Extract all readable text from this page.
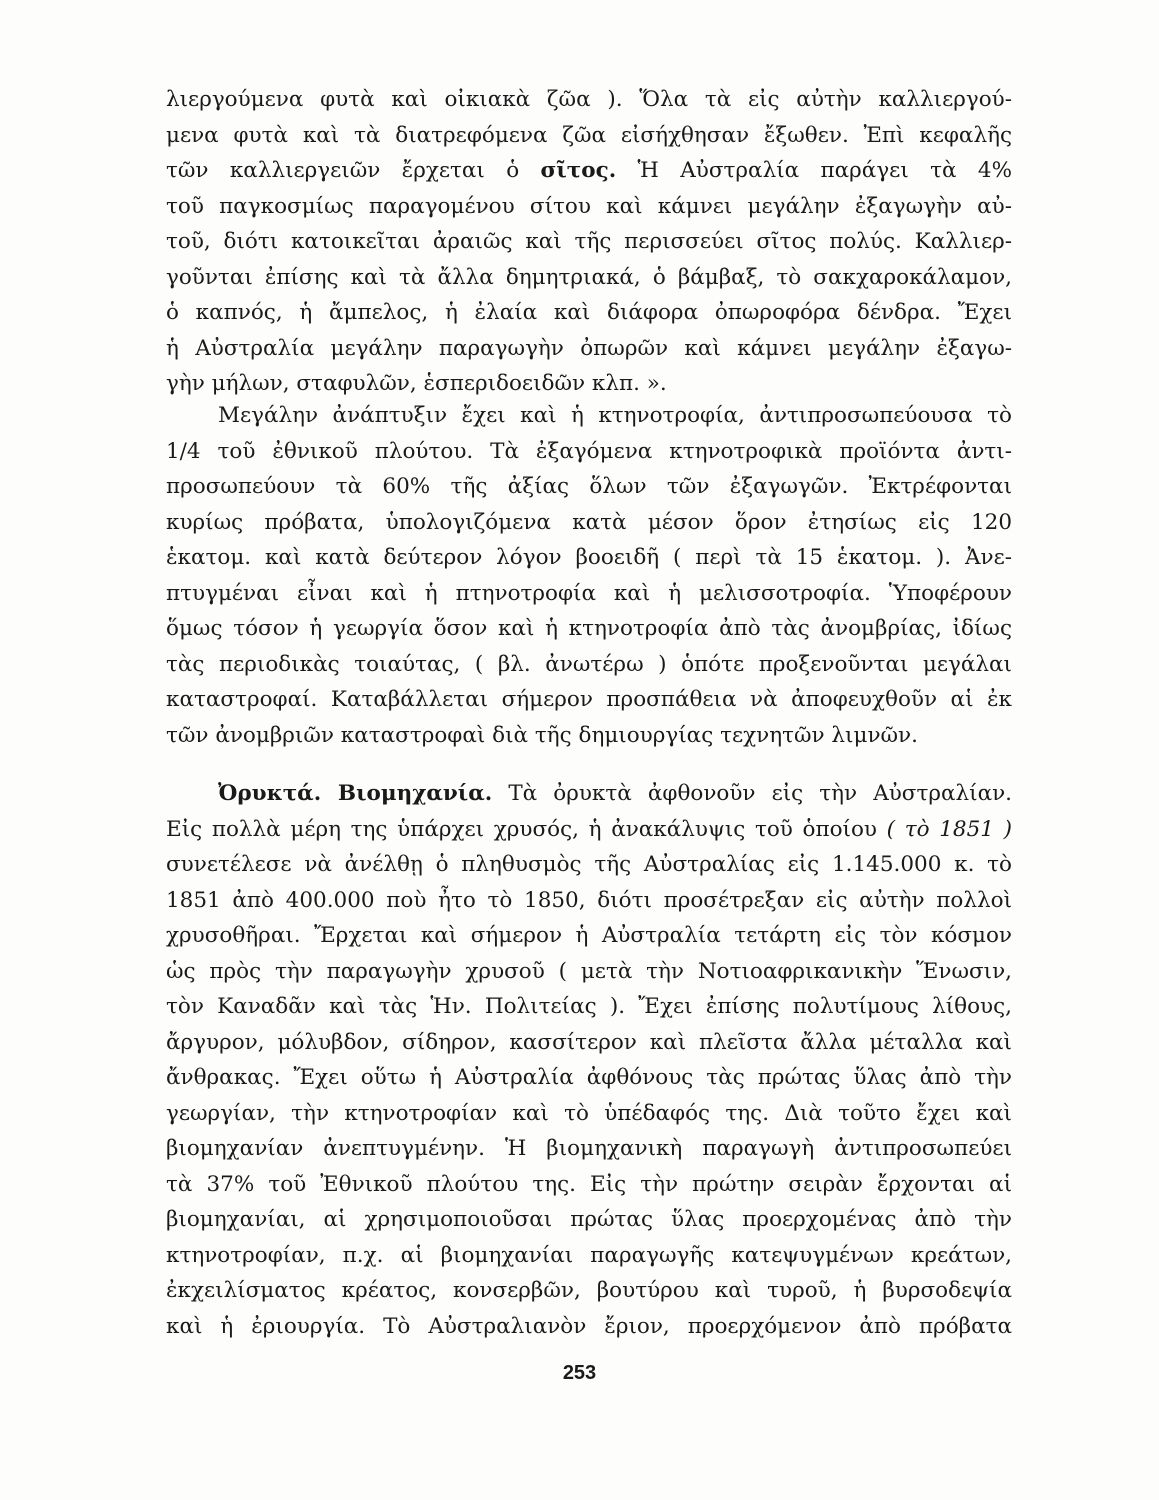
λιεργούμενα φυτὰ καὶ οἰκιακὰ ζῶα ). Ὅλα τὰ εἰς αὐτὴν καλλιεργού-
μενα φυτὰ καὶ τὰ διατρεφόμενα ζῶα εἰσήχθησαν ἔξωθεν. Ἐπὶ κεφαλῆς
τῶν καλλιεργειῶν ἔρχεται ὁ σῖτος. Ἡ Αὐστραλία παράγει τὰ 4%
τοῦ παγκοσμίως παραγομένου σίτου καὶ κάμνει μεγάλην ἐξαγωγὴν αὐ-
τοῦ, διότι κατοικεῖται ἀραιῶς καὶ τῆς περισσεύει σῖτος πολύς. Καλλιερ-
γοῦνται ἐπίσης καὶ τὰ ἄλλα δημητριακά, ὁ βάμβαξ, τὸ σακχαροκάλαμον,
ὁ καπνός, ἡ ἄμπελος, ἡ ἐλαία καὶ διάφορα ὀπωροφόρα δένδρα. Ἔχει
ἡ Αὐστραλία μεγάλην παραγωγὴν ὀπωρῶν καὶ κάμνει μεγάλην ἐξαγω-
γὴν μήλων, σταφυλῶν, ἑσπεριδοειδῶν κλπ. ».
Μεγάλην ἀνάπτυξιν ἔχει καὶ ἡ κτηνοτροφία, ἀντιπροσωπεύουσα τὸ
1/4 τοῦ ἐθνικοῦ πλούτου. Τὰ ἐξαγόμενα κτηνοτροφικὰ προϊόντα ἀντι-
προσωπεύουν τὰ 60% τῆς ἀξίας ὅλων τῶν ἐξαγωγῶν. Ἐκτρέφονται
κυρίως πρόβατα, ὑπολογιζόμενα κατὰ μέσον ὅρον ἐτησίως εἰς 120
ἑκατομ. καὶ κατὰ δεύτερον λόγον βοοειδῆ ( περὶ τὰ 15 ἑκατομ. ). Ἀνε-
πτυγμέναι εἶναι καὶ ἡ πτηνοτροφία καὶ ἡ μελισσοτροφία. Ὑποφέρουν
ὅμως τόσον ἡ γεωργία ὅσον καὶ ἡ κτηνοτροφία ἀπὸ τὰς ἀνομβρίας, ἰδίως
τὰς περιοδικὰς τοιαύτας, ( βλ. ἀνωτέρω ) ὁπότε προξενοῦνται μεγάλαι
καταστροφαί. Καταβάλλεται σήμερον προσπάθεια νὰ ἀποφευχθοῦν αἱ ἐκ
τῶν ἀνομβριῶν καταστροφαὶ διὰ τῆς δημιουργίας τεχνητῶν λιμνῶν.
Ὀρυκτά. Βιομηχανία. Τὰ ὀρυκτὰ ἀφθονοῦν εἰς τὴν Αὐστραλίαν.
Εἰς πολλὰ μέρη της ὑπάρχει χρυσός, ἡ ἀνακάλυψις τοῦ ὁποίου ( τὸ 1851 )
συνετέλεσε νὰ ἀνέλθῃ ὁ πληθυσμὸς τῆς Αὐστραλίας εἰς 1.145.000 κ. τὸ
1851 ἀπὸ 400.000 ποὺ ἦτο τὸ 1850, διότι προσέτρεξαν εἰς αὐτὴν πολλοὶ
χρυσοθῆραι. Ἔρχεται καὶ σήμερον ἡ Αὐστραλία τετάρτη εἰς τὸν κόσμον
ὡς πρὸς τὴν παραγωγὴν χρυσοῦ ( μετὰ τὴν Νοτιοαφρικανικὴν Ἕνωσιν,
τὸν Καναδᾶν καὶ τὰς Ἡν. Πολιτείας ). Ἔχει ἐπίσης πολυτίμους λίθους,
ἄργυρον, μόλυβδον, σίδηρον, κασσίτερον καὶ πλεῖστα ἄλλα μέταλλα καὶ
ἄνθρακας. Ἔχει οὕτω ἡ Αὐστραλία ἀφθόνους τὰς πρώτας ὕλας ἀπὸ τὴν
γεωργίαν, τὴν κτηνοτροφίαν καὶ τὸ ὑπέδαφός της. Διὰ τοῦτο ἔχει καὶ
βιομηχανίαν ἀνεπτυγμένην. Ἡ βιομηχανικὴ παραγωγὴ ἀντιπροσωπεύει
τὰ 37% τοῦ Ἐθνικοῦ πλούτου της. Εἰς τὴν πρώτην σειρὰν ἔρχονται αἱ
βιομηχανίαι, αἱ χρησιμοποιοῦσαι πρώτας ὕλας προερχομένας ἀπὸ τὴν
κτηνοτροφίαν, π.χ. αἱ βιομηχανίαι παραγωγῆς κατεψυγμένων κρεάτων,
ἐκχειλίσματος κρέατος, κονσερβῶν, βουτύρου καὶ τυροῦ, ἡ βυρσοδεψία
καὶ ἡ ἐριουργία. Τὸ Αὐστραλιανὸν ἔριον, προερχόμενον ἀπὸ πρόβατα
253
